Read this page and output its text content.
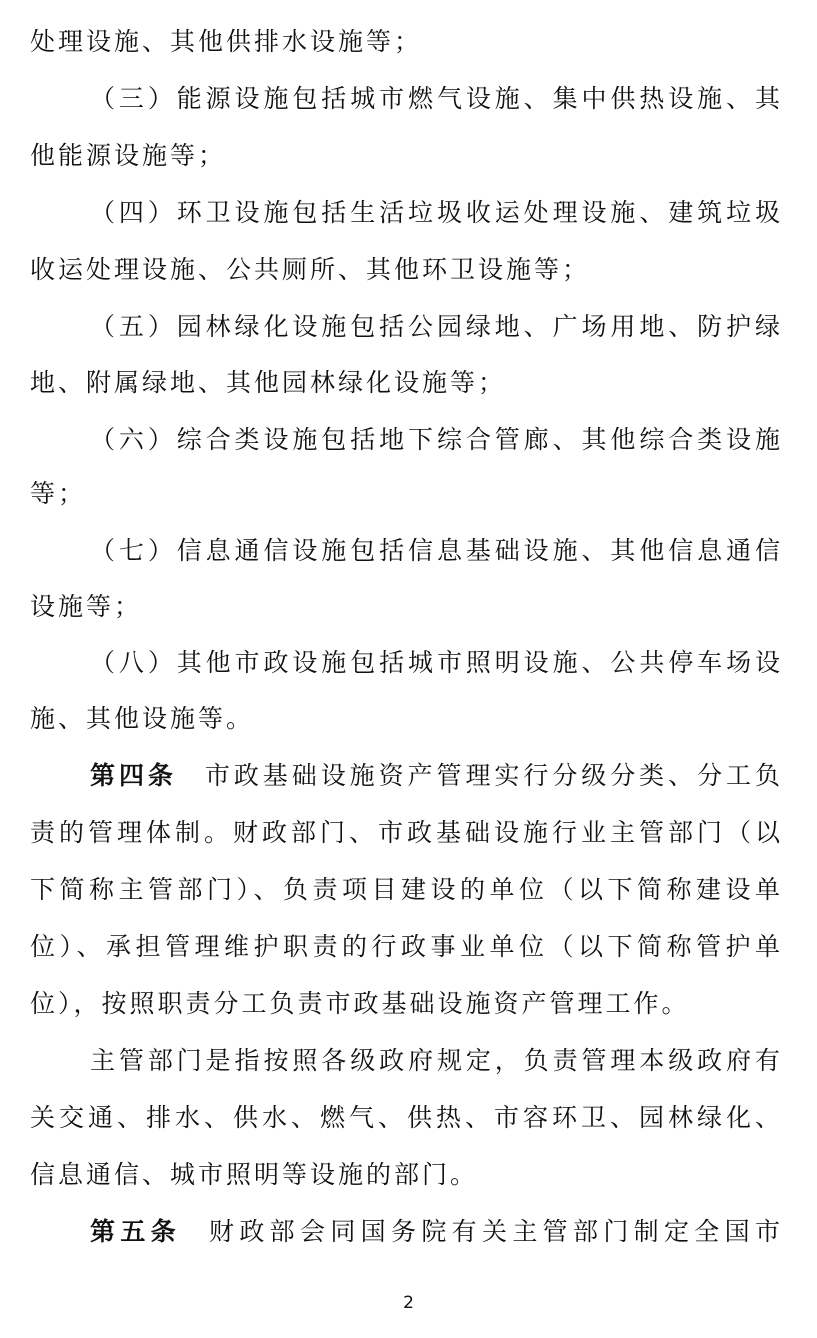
处理设施、其他供排水设施等；
（三）能源设施包括城市燃气设施、集中供热设施、其
他能源设施等；
（四）环卫设施包括生活垃圾收运处理设施、建筑垃圾
收运处理设施、公共厕所、其他环卫设施等；
（五）园林绿化设施包括公园绿地、广场用地、防护绿
地、附属绿地、其他园林绿化设施等；
（六）综合类设施包括地下综合管廊、其他综合类设施
等；
（七）信息通信设施包括信息基础设施、其他信息通信
设施等；
（八）其他市政设施包括城市照明设施、公共停车场设
施、其他设施等。
第四条 市政基础设施资产管理实行分级分类、分工负
责的管理体制。财政部门、市政基础设施行业主管部门（以
下简称主管部门）、负责项目建设的单位（以下简称建设单
位）、承担管理维护职责的行政事业单位（以下简称管护单
位），按照职责分工负责市政基础设施资产管理工作。
主管部门是指按照各级政府规定，负责管理本级政府有
关交通、排水、供水、燃气、供热、市容环卫、园林绿化、
信息通信、城市照明等设施的部门。
第五条 财政部会同国务院有关主管部门制定全国市
2
